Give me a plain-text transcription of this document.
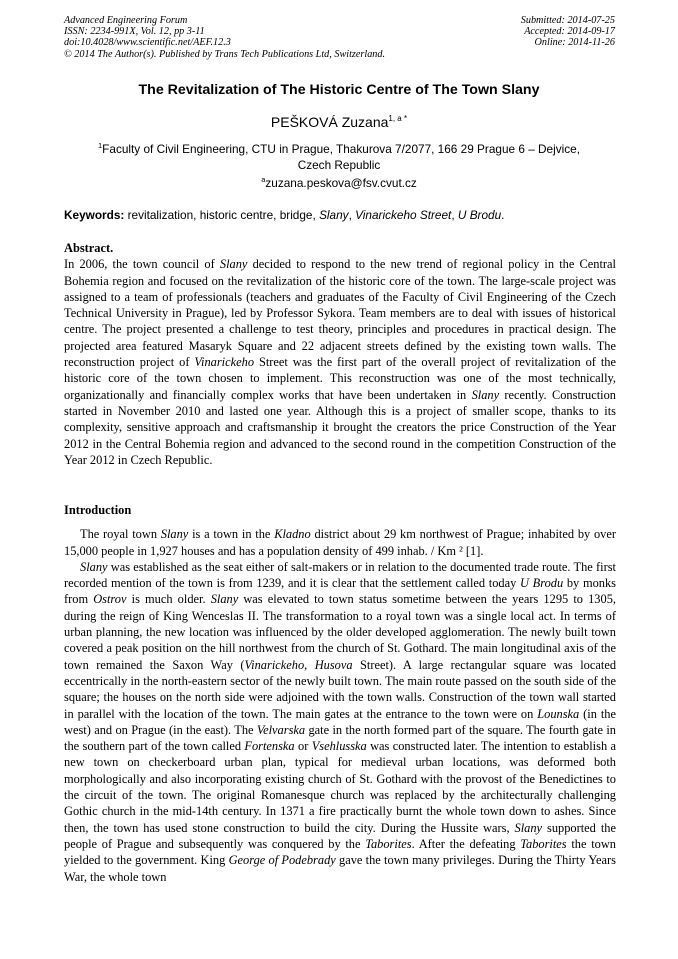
Advanced Engineering Forum
ISSN: 2234-991X, Vol. 12, pp 3-11
doi:10.4028/www.scientific.net/AEF.12.3
© 2014 The Author(s). Published by Trans Tech Publications Ltd, Switzerland.
Submitted: 2014-07-25
Accepted: 2014-09-17
Online: 2014-11-26
The Revitalization of The Historic Centre of The Town Slany
PEŠKOVÁ Zuzana$^{1, a *}$
$^1$Faculty of Civil Engineering, CTU in Prague, Thakurova 7/2077, 166 29 Prague 6 – Dejvice,
Czech Republic
$^a$zuzana.peskova@fsv.cvut.cz
Keywords: revitalization, historic centre, bridge, Slany, Vinarickeho Street, U Brodu.
Abstract.

In 2006, the town council of Slany decided to respond to the new trend of regional policy in the Central Bohemia region and focused on the revitalization of the historic core of the town. The large-scale project was assigned to a team of professionals (teachers and graduates of the Faculty of Civil Engineering of the Czech Technical University in Prague), led by Professor Sykora. Team members are to deal with issues of historical centre. The project presented a challenge to test theory, principles and procedures in practical design. The projected area featured Masaryk Square and 22 adjacent streets defined by the existing town walls. The reconstruction project of Vinarickeho Street was the first part of the overall project of revitalization of the historic core of the town chosen to implement. This reconstruction was one of the most technically, organizationally and financially complex works that have been undertaken in Slany recently. Construction started in November 2010 and lasted one year. Although this is a project of smaller scope, thanks to its complexity, sensitive approach and craftsmanship it brought the creators the price Construction of the Year 2012 in the Central Bohemia region and advanced to the second round in the competition Construction of the Year 2012 in Czech Republic.

Introduction

The royal town Slany is a town in the Kladno district about 29 km northwest of Prague; inhabited by over 15,000 people in 1,927 houses and has a population density of 499 inhab. / Km ² [1].

Slany was established as the seat either of salt-makers or in relation to the documented trade route. The first recorded mention of the town is from 1239, and it is clear that the settlement called today U Brodu by monks from Ostrov is much older. Slany was elevated to town status sometime between the years 1295 to 1305, during the reign of King Wenceslas II. The transformation to a royal town was a single local act. In terms of urban planning, the new location was influenced by the older developed agglomeration. The newly built town covered a peak position on the hill northwest from the church of St. Gothard. The main longitudinal axis of the town remained the Saxon Way (Vinarickeho, Husova Street). A large rectangular square was located eccentrically in the north-eastern sector of the newly built town. The main route passed on the south side of the square; the houses on the north side were adjoined with the town walls. Construction of the town wall started in parallel with the location of the town. The main gates at the entrance to the town were on Lounska (in the west) and on Prague (in the east). The Velvarska gate in the north formed part of the square. The fourth gate in the southern part of the town called Fortenska or Vsehlusska was constructed later. The intention to establish a new town on checkerboard urban plan, typical for medieval urban locations, was deformed both morphologically and also incorporating existing church of St. Gothard with the provost of the Benedictines to the circuit of the town. The original Romanesque church was replaced by the architecturally challenging Gothic church in the mid-14th century. In 1371 a fire practically burnt the whole town down to ashes. Since then, the town has used stone construction to build the city. During the Hussite wars, Slany supported the people of Prague and subsequently was conquered by the Taborites. After the defeating Taborites the town yielded to the government. King George of Podebrady gave the town many privileges. During the Thirty Years War, the whole town
